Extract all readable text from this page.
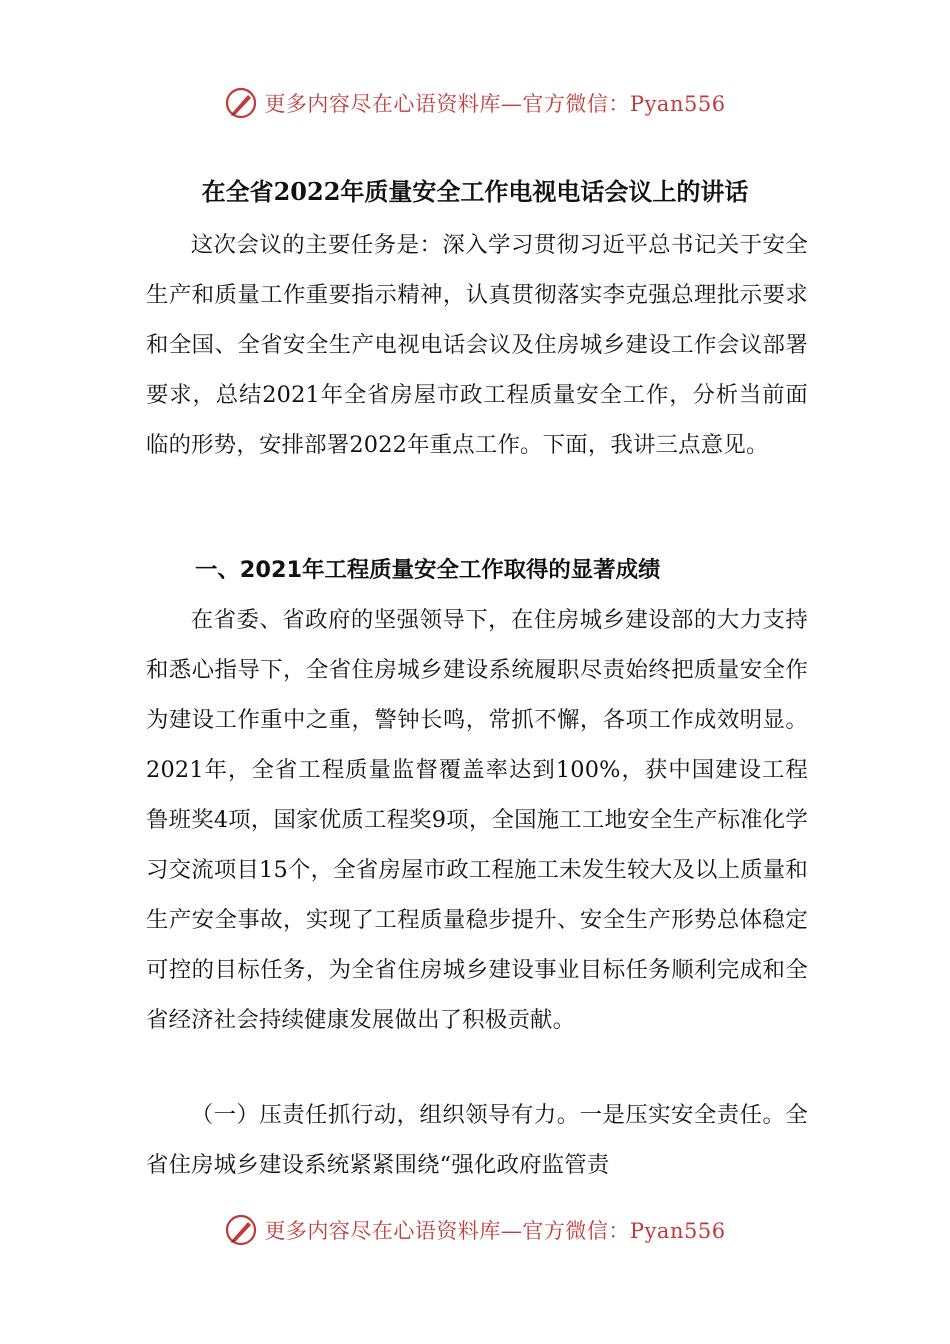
更多内容尽在心语资料库—官方微信：Pyan556
在全省2022年质量安全工作电视电话会议上的讲话
这次会议的主要任务是：深入学习贯彻习近平总书记关于安全生产和质量工作重要指示精神，认真贯彻落实李克强总理批示要求和全国、全省安全生产电视电话会议及住房城乡建设工作会议部署要求，总结2021年全省房屋市政工程质量安全工作，分析当前面临的形势，安排部署2022年重点工作。下面，我讲三点意见。
一、2021年工程质量安全工作取得的显著成绩
在省委、省政府的坚强领导下，在住房城乡建设部的大力支持和悉心指导下，全省住房城乡建设系统履职尽责始终把质量安全作为建设工作重中之重，警钟长鸣，常抓不懈，各项工作成效明显。2021年，全省工程质量监督覆盖率达到100%，获中国建设工程鲁班奖4项，国家优质工程奖9项，全国施工工地安全生产标准化学习交流项目15个，全省房屋市政工程施工未发生较大及以上质量和生产安全事故，实现了工程质量稳步提升、安全生产形势总体稳定可控的目标任务，为全省住房城乡建设事业目标任务顺利完成和全省经济社会持续健康发展做出了积极贡献。
（一）压责任抓行动，组织领导有力。一是压实安全责任。全省住房城乡建设系统紧紧围绕“强化政府监管责
更多内容尽在心语资料库—官方微信：Pyan556
